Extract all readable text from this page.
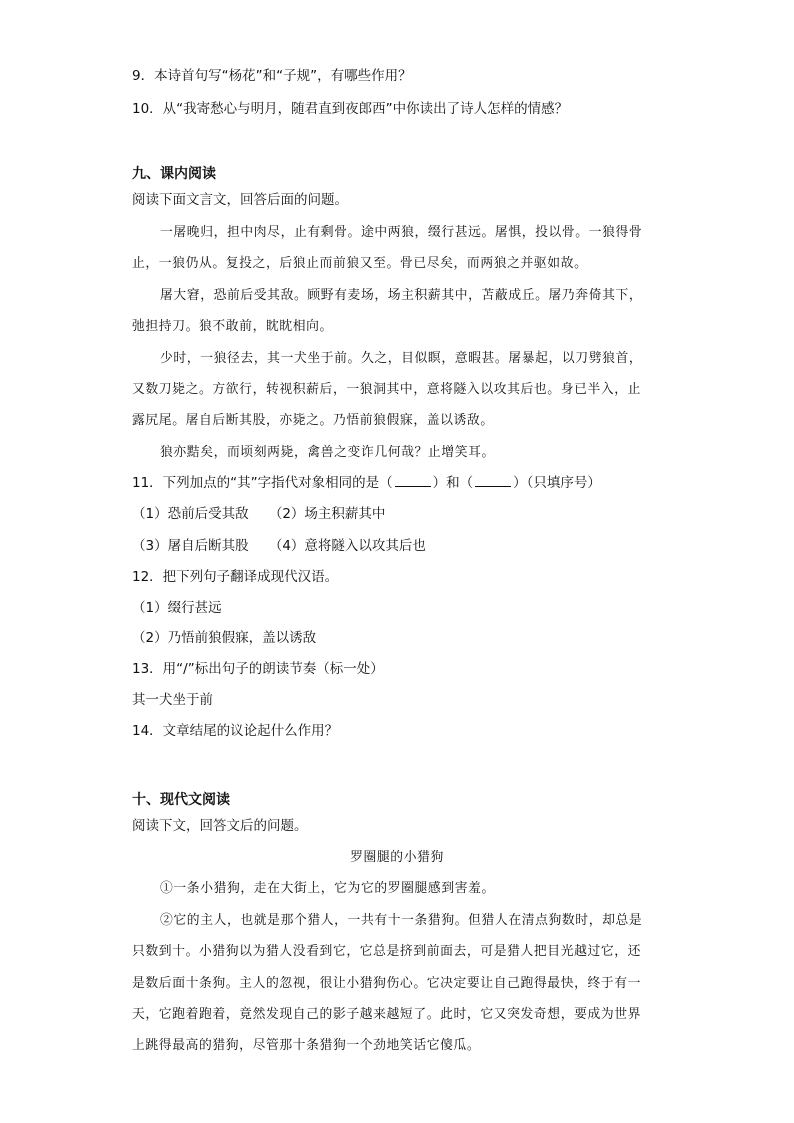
9．本诗首句写“杨花”和“子规”，有哪些作用？
10．从“我寄愁心与明月，随君直到夜郎西”中你读出了诗人怎样的情感？
九、课内阅读
阅读下面文言文，回答后面的问题。
一屠晚归，担中肉尽，止有剩骨。途中两狼，缀行甚远。屠惧，投以骨。一狼得骨
止，一狼仍从。复投之，后狼止而前狼又至。骨已尽矣，而两狼之并驱如故。
屠大窘，恐前后受其敌。顾野有麦场，场主积薪其中，苫蔽成丘。屠乃奔倚其下，
弛担持刀。狼不敢前，眈眈相向。
少时，一狼径去，其一犬坐于前。久之，目似瞑，意暇甚。屠暴起，以刀劈狼首，
又数刀毙之。方欲行，转视积薪后，一狼洞其中，意将隧入以攻其后也。身已半入，止
露尻尾。屠自后断其股，亦毙之。乃悟前狼假寐，盖以诱敌。
狼亦黠矣，而顷刻两毙，禽兽之变诈几何哉？止增笑耳。
11．下列加点的“其”字指代对象相同的是（	）和（	）（只填序号）
（1）恐前后受其敌　　（2）场主积薪其中
（3）屠自后断其股　　（4）意将隧入以攻其后也
12．把下列句子翻译成现代汉语。
（1）缀行甚远
（2）乃悟前狼假寐，盖以诱敌
13．用“/”标出句子的朗读节奏（标一处）
其一犬坐于前
14．文章结尾的议论起什么作用？
十、现代文阅读
阅读下文，回答文后的问题。
罗圈腿的小猎狗
①一条小猎狗，走在大街上，它为它的罗圈腿感到害羞。
②它的主人，也就是那个猎人，一共有十一条猎狗。但猎人在清点狗数时，却总是
只数到十。小猎狗以为猎人没看到它，它总是挤到前面去，可是猎人把目光越过它，还
是数后面十条狗。主人的忽视，很让小猎狗伤心。它决定要让自己跑得最快，终于有一
天，它跑着跑着，竟然发现自己的影子越来越短了。此时，它又突发奇想，要成为世界
上跳得最高的猎狗，尽管那十条猎狗一个劲地笑话它傻瓜。
